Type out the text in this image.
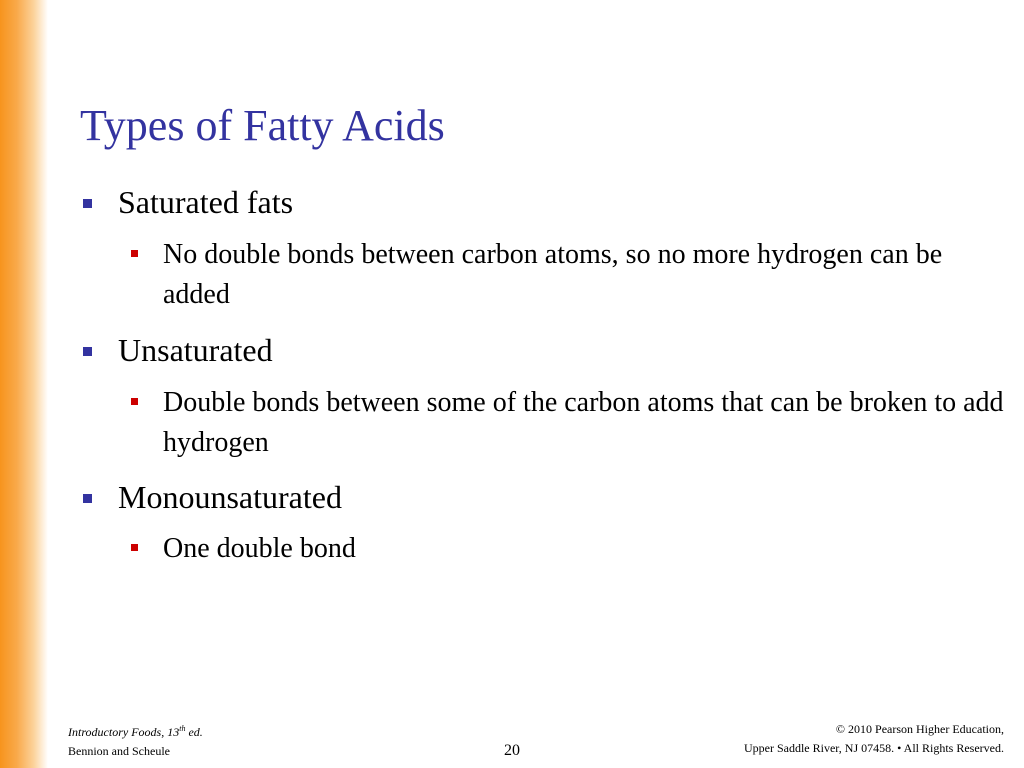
Types of Fatty Acids
Saturated fats
No double bonds between carbon atoms, so no more hydrogen can be added
Unsaturated
Double bonds between some of the carbon atoms that can be broken to add hydrogen
Monounsaturated
One double bond
Introductory Foods, 13th ed.
Bennion and Scheule	20
© 2010 Pearson Higher Education,
Upper Saddle River, NJ 07458. • All Rights Reserved.
